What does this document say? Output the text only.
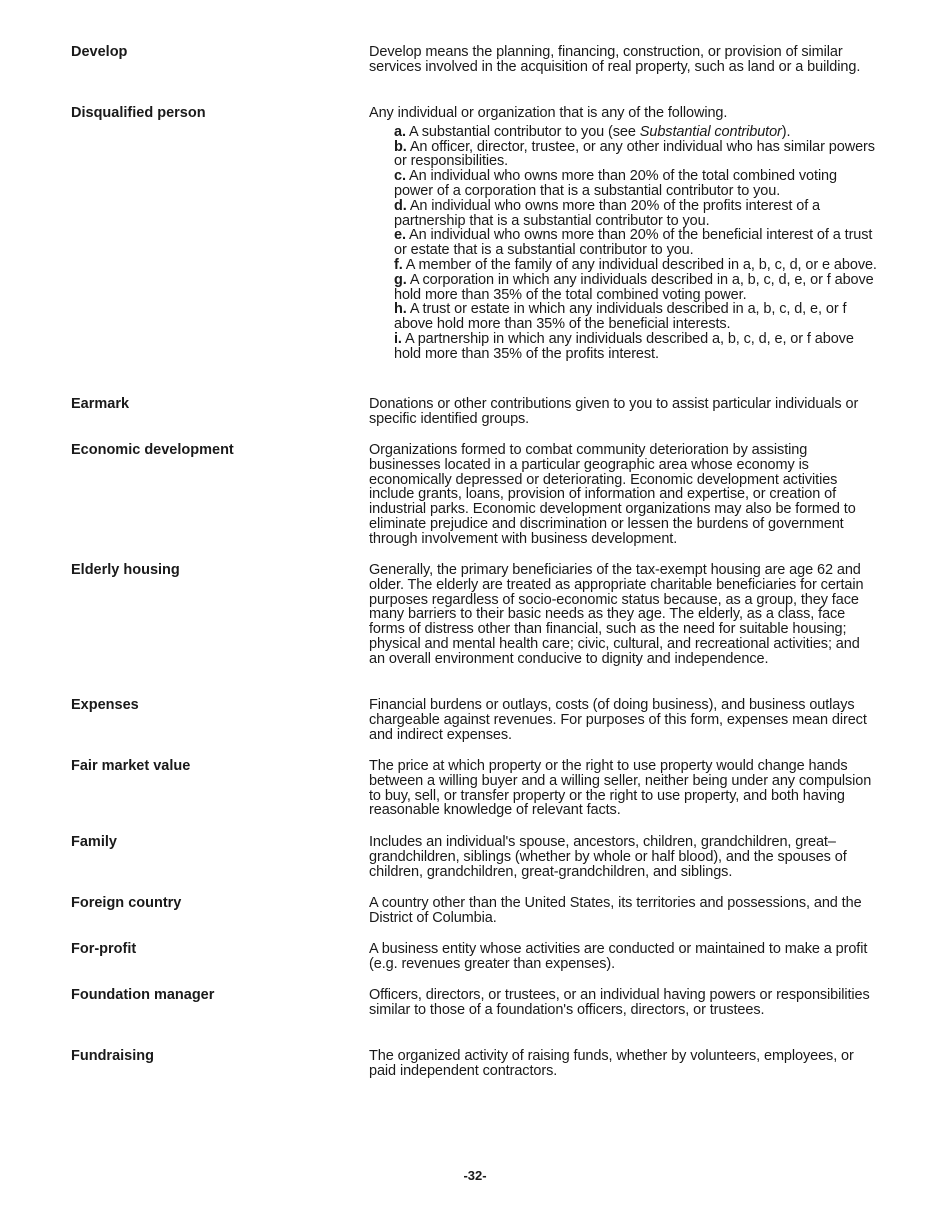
Develop	Develop means the planning, financing, construction, or provision of similar services involved in the acquisition of real property, such as land or a building.

Disqualified person	Any individual or organization that is any of the following.

a. A substantial contributor to you (see Substantial contributor).
b. An officer, director, trustee, or any other individual who has similar powers or responsibilities.
c. An individual who owns more than 20% of the total combined voting power of a corporation that is a substantial contributor to you.
d. An individual who owns more than 20% of the profits interest of a partnership that is a substantial contributor to you.
e. An individual who owns more than 20% of the beneficial interest of a trust or estate that is a substantial contributor to you.
f. A member of the family of any individual described in a, b, c, d, or e above.
g. A corporation in which any individuals described in a, b, c, d, e, or f above hold more than 35% of the total combined voting power.
h. A trust or estate in which any individuals described in a, b, c, d, e, or f above hold more than 35% of the beneficial interests.
i. A partnership in which any individuals described a, b, c, d, e, or f above hold more than 35% of the profits interest.
Earmark	Donations or other contributions given to you to assist particular individuals or specific identified groups.

Economic development	Organizations formed to combat community deterioration by assisting businesses located in a particular geographic area whose economy is economically depressed or deteriorating. Economic development activities include grants, loans, provision of information and expertise, or creation of industrial parks. Economic development organizations may also be formed to eliminate prejudice and discrimination or lessen the burdens of government through involvement with business development.

Elderly housing	Generally, the primary beneficiaries of the tax-exempt housing are age 62 and older. The elderly are treated as appropriate charitable beneficiaries for certain purposes regardless of socio-economic status because, as a group, they face many barriers to their basic needs as they age. The elderly, as a class, face forms of distress other than financial, such as the need for suitable housing; physical and mental health care; civic, cultural, and recreational activities; and an overall environment conducive to dignity and independence.

Expenses	Financial burdens or outlays, costs (of doing business), and business outlays chargeable against revenues. For purposes of this form, expenses mean direct and indirect expenses.

Fair market value	The price at which property or the right to use property would change hands between a willing buyer and a willing seller, neither being under any compulsion to buy, sell, or transfer property or the right to use property, and both having reasonable knowledge of relevant facts.

Family	Includes an individual's spouse, ancestors, children, grandchildren, great–grandchildren, siblings (whether by whole or half blood), and the spouses of children, grandchildren, great-grandchildren, and siblings.

Foreign country	A country other than the United States, its territories and possessions, and the District of Columbia.

For-profit	A business entity whose activities are conducted or maintained to make a profit (e.g. revenues greater than expenses).

Foundation manager	Officers, directors, or trustees, or an individual having powers or responsibilities similar to those of a foundation's officers, directors, or trustees.

Fundraising	The organized activity of raising funds, whether by volunteers, employees, or paid independent contractors.

-32-
